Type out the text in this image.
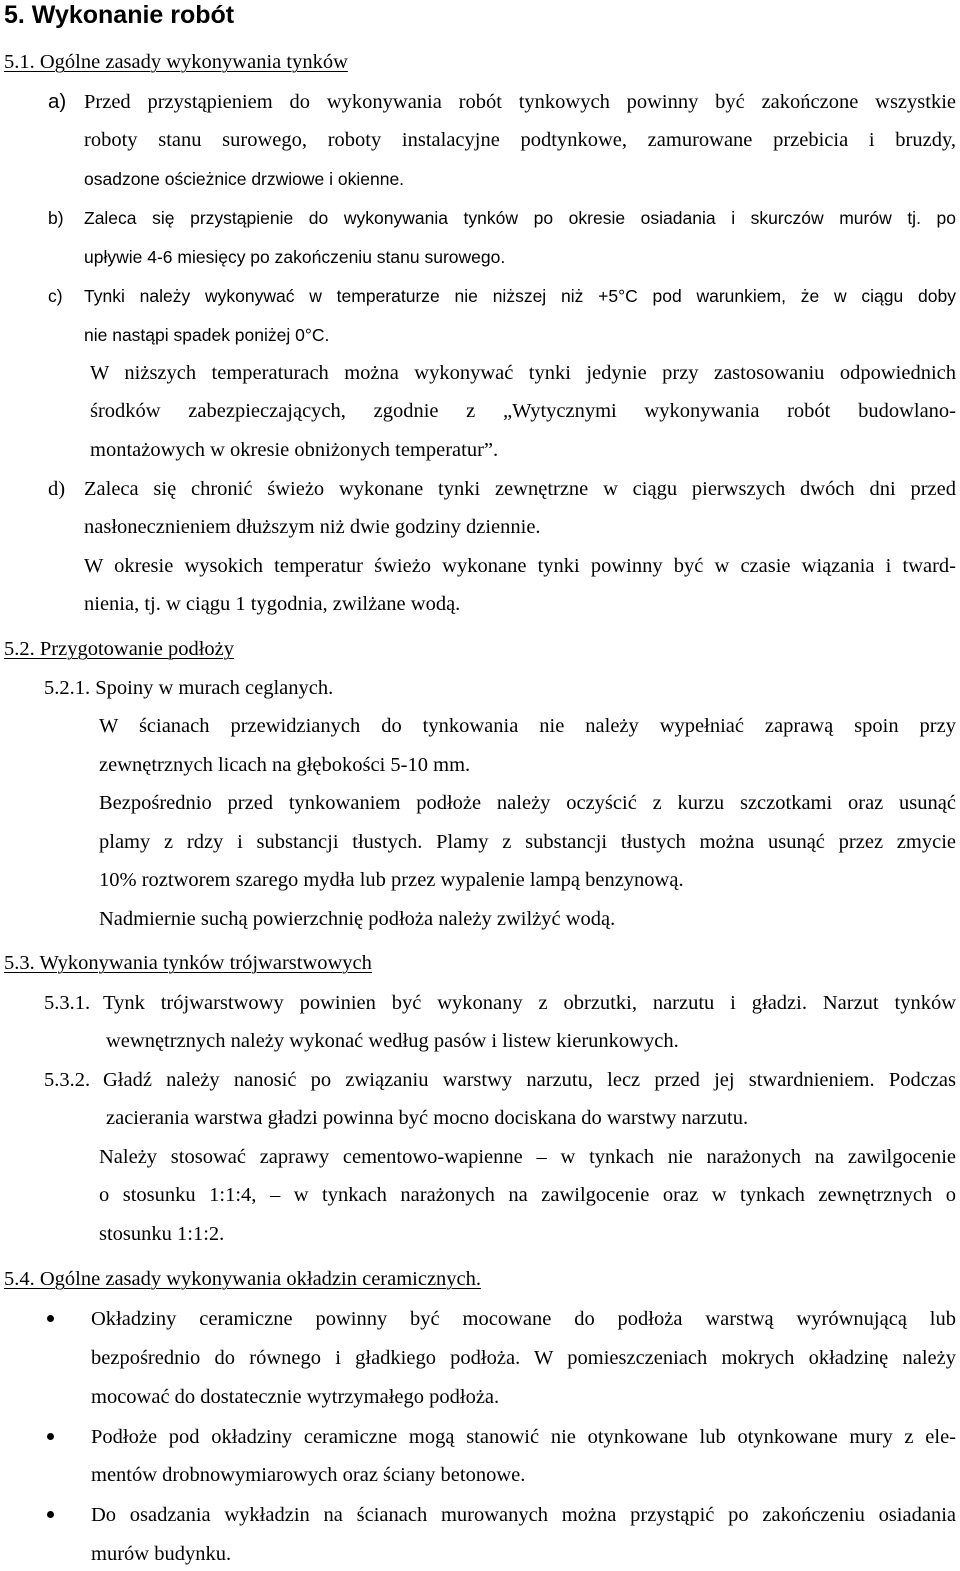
5. Wykonanie robót
5.1. Ogólne zasady wykonywania tynków
a) Przed przystąpieniem do wykonywania robót tynkowych powinny być zakończone wszystkie
roboty stanu surowego, roboty instalacyjne podtynkowe, zamurowane przebicia i bruzdy,
osadzone ościeżnice drzwiowe i okienne.
b) Zaleca się przystąpienie do wykonywania tynków po okresie osiadania i skurczów murów tj. po
upływie 4-6 miesięcy po zakończeniu stanu surowego.
c) Tynki należy wykonywać w temperaturze nie niższej niż +5°C pod warunkiem, że w ciągu doby
nie nastąpi spadek poniżej 0°C.
W niższych temperaturach można wykonywać tynki jedynie przy zastosowaniu odpowiednich
środków zabezpieczających, zgodnie z „Wytycznymi wykonywania robót budowlano-
montażowych w okresie obniżonych temperatur”.
d) Zaleca się chronić świeżo wykonane tynki zewnętrzne w ciągu pierwszych dwóch dni przed
nasłonecznieniem dłuższym niż dwie godziny dziennie.
W okresie wysokich temperatur świeżo wykonane tynki powinny być w czasie wiązania i tward-
nienia, tj. w ciągu 1 tygodnia, zwilżane wodą.
5.2. Przygotowanie podłoży
5.2.1. Spoiny w murach ceglanych.
W ścianach przewidzianych do tynkowania nie należy wypełniać zaprawą spoin przy
zewnętrznych licach na głębokości 5-10 mm.
Bezpośrednio przed tynkowaniem podłoże należy oczyścić z kurzu szczotkami oraz usunąć
plamy z rdzy i substancji tłustych. Plamy z substancji tłustych można usunąć przez zmycie
10% roztworem szarego mydła lub przez wypalenie lampą benzynową.
Nadmiernie suchą powierzchnię podłoża należy zwilżyć wodą.
5.3. Wykonywania tynków trójwarstwowych
5.3.1. Tynk trójwarstwowy powinien być wykonany z obrzutki, narzutu i gładzi. Narzut tynków
wewnętrznych należy wykonać według pasów i listew kierunkowych.
5.3.2. Gładź należy nanosić po związaniu warstwy narzutu, lecz przed jej stwardnieniem. Podczas
zacierania warstwa gładzi powinna być mocno dociskana do warstwy narzutu.
Należy stosować zaprawy cementowo-wapienne – w tynkach nie narażonych na zawilgocenie
o stosunku 1:1:4, – w tynkach narażonych na zawilgocenie oraz w tynkach zewnętrznych o
stosunku 1:1:2.
5.4. Ogólne zasady wykonywania okładzin ceramicznych.
Okładziny ceramiczne powinny być mocowane do podłoża warstwą wyrównującą lub
bezpośrednio do równego i gładkiego podłoża. W pomieszczeniach mokrych okładzinę należy
mocować do dostatecznie wytrzymałego podłoża.
Podłoże pod okładziny ceramiczne mogą stanowić nie otynkowane lub otynkowane mury z ele-
mentów drobnowymiarowych oraz ściany betonowe.
Do osadzania wykładzin na ścianach murowanych można przystąpić po zakończeniu osiadania
murów budynku.
